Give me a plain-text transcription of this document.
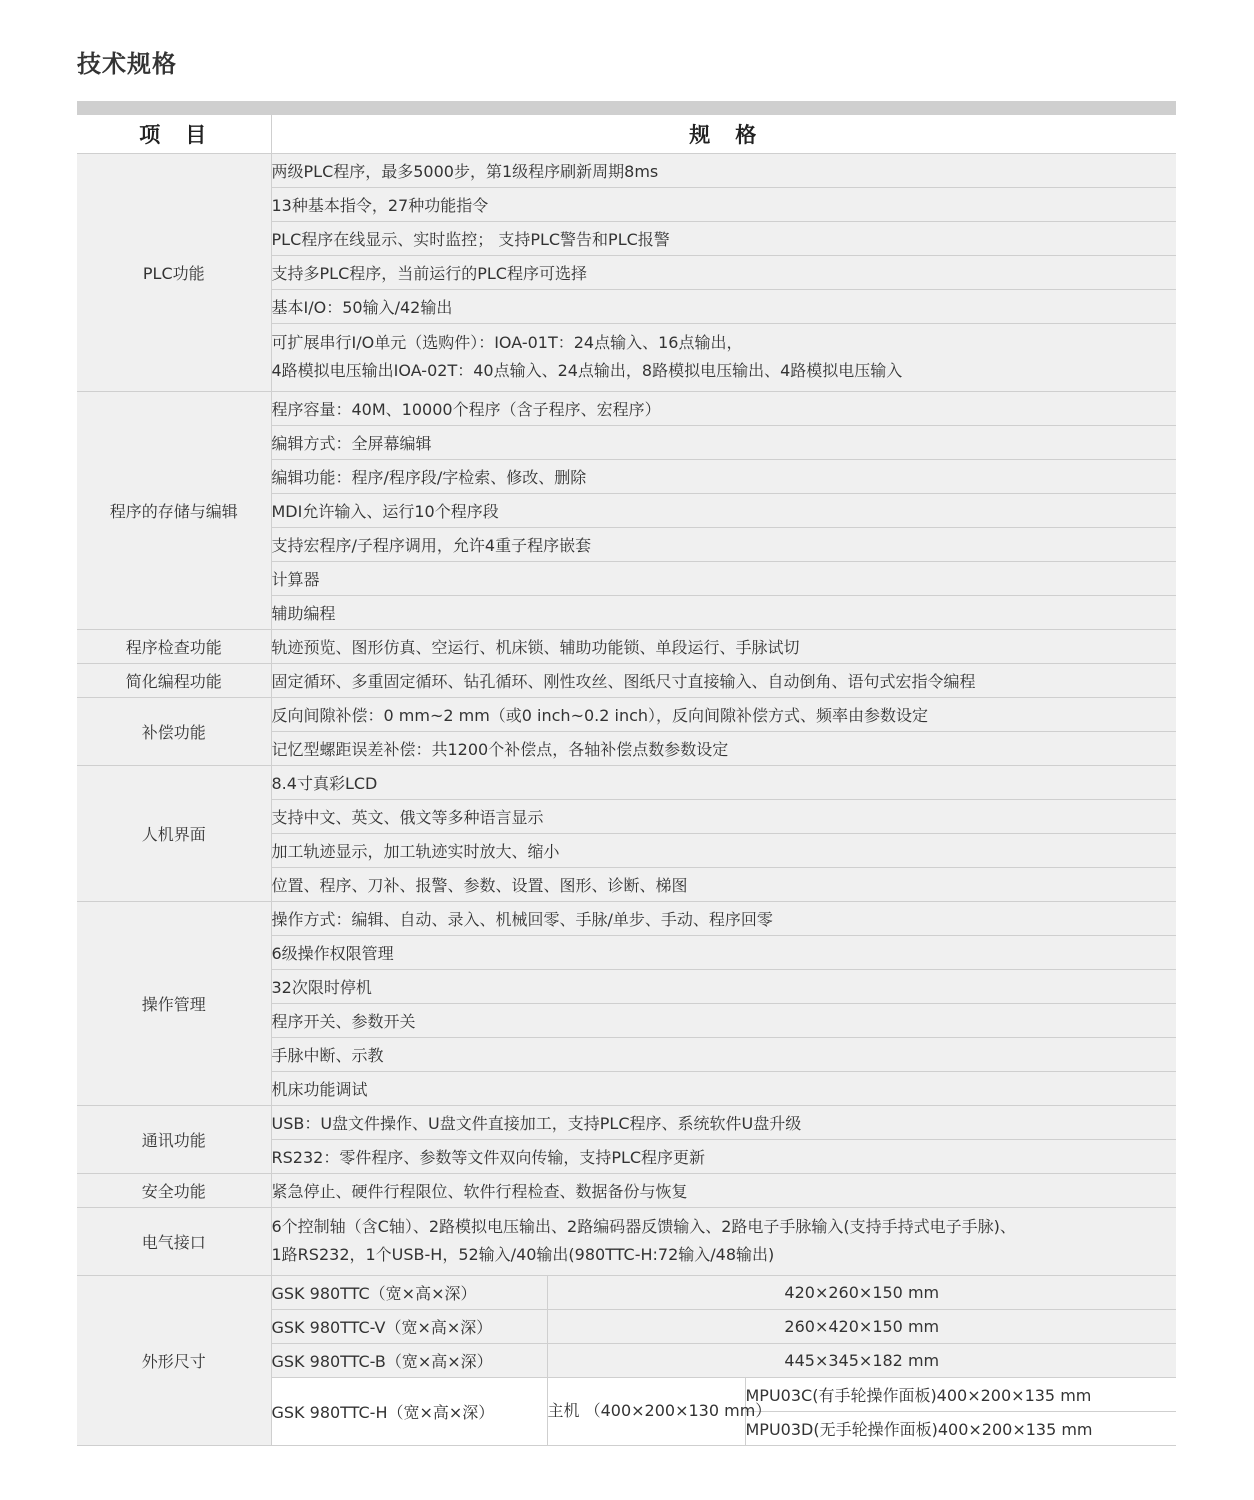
技术规格
项　目	规　格		
PLC功能	两级PLC程序，最多5000步，第1级程序刷新周期8ms		
	13种基本指令，27种功能指令		
	PLC程序在线显示、实时监控； 支持PLC警告和PLC报警		
	支持多PLC程序，当前运行的PLC程序可选择		
	基本I/O：50输入/42输出		

	可扩展串行I/O单元（选购件）：IOA-01T：24点输入、16点输出，
4路模拟电压输出IOA-02T：40点输入、24点输出，8路模拟电压输出、4路模拟电压输入		

程序的存储与编辑	程序容量：40M、10000个程序（含子程序、宏程序）		
	编辑方式：全屏幕编辑		
	编辑功能：程序/程序段/字检索、修改、删除		
	MDI允许输入、运行10个程序段		
	支持宏程序/子程序调用，允许4重子程序嵌套		
	计算器		
	辅助编程		
程序检查功能	轨迹预览、图形仿真、空运行、机床锁、辅助功能锁、单段运行、手脉试切		
简化编程功能	固定循环、多重固定循环、钻孔循环、刚性攻丝、图纸尺寸直接输入、自动倒角、语句式宏指令编程		
补偿功能	反向间隙补偿：0 mm~2 mm（或0 inch~0.2 inch），反向间隙补偿方式、频率由参数设定		
	记忆型螺距误差补偿：共1200个补偿点，各轴补偿点数参数设定		
人机界面	8.4寸真彩LCD		
	支持中文、英文、俄文等多种语言显示		
	加工轨迹显示，加工轨迹实时放大、缩小		
	位置、程序、刀补、报警、参数、设置、图形、诊断、梯图		
操作管理	操作方式：编辑、自动、录入、机械回零、手脉/单步、手动、程序回零		
	6级操作权限管理		
	32次限时停机		
	程序开关、参数开关		
	手脉中断、示教		
	机床功能调试		
通讯功能	USB：U盘文件操作、U盘文件直接加工，支持PLC程序、系统软件U盘升级		
	RS232：零件程序、参数等文件双向传输，支持PLC程序更新		
安全功能	紧急停止、硬件行程限位、软件行程检查、数据备份与恢复		
电气接口	6个控制轴（含C轴）、2路模拟电压输出、2路编码器反馈输入、2路电子手脉输入(支持手持式电子手脉)、
1路RS232，1个USB-H，52输入/40输出(980TTC-H:72输入/48输出)		

外形尺寸	GSK 980TTC（宽×高×深）	420×260×150 mm	
	GSK 980TTC-V（宽×高×深）	260×420×150 mm	
	GSK 980TTC-B（宽×高×深）	445×345×182 mm	
	GSK 980TTC-H（宽×高×深）	主机 （400×200×130 mm）	MPU03C(有手轮操作面板)400×200×135 mm
			MPU03D(无手轮操作面板)400×200×135 mm
